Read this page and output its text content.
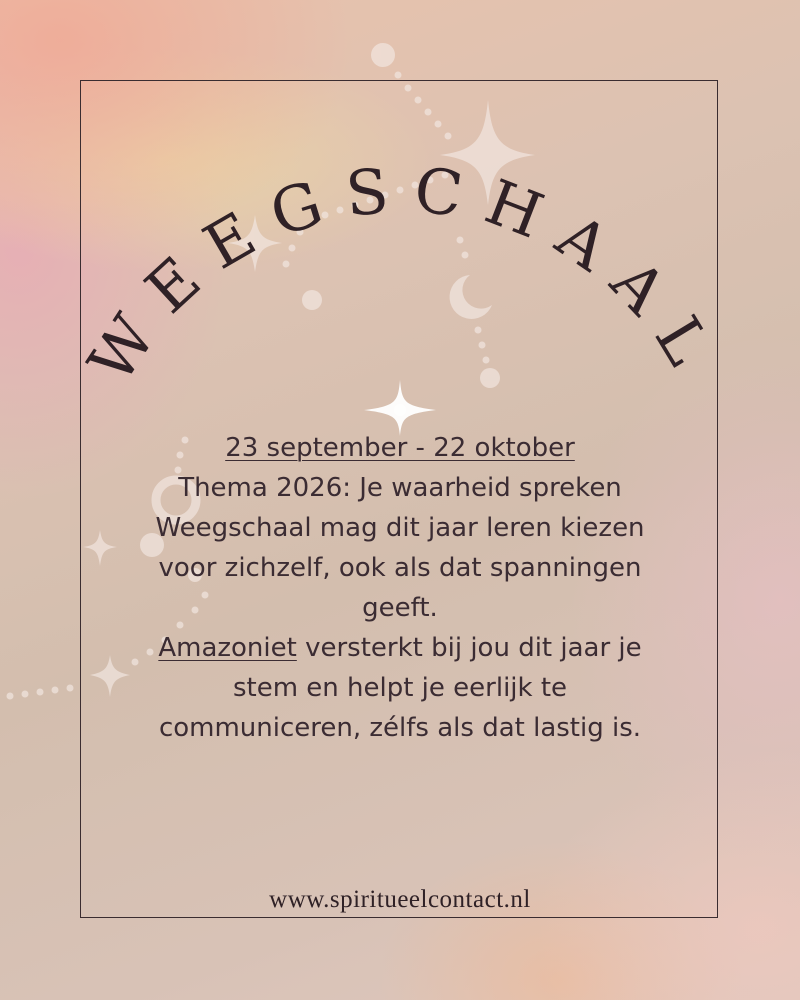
WEEGSCHAAL

23 september - 22 oktober

Thema 2026: Je waarheid spreken

Weegschaal mag dit jaar leren kiezen voor zichzelf, ook als dat spanningen geeft.

Amazoniet versterkt bij jou dit jaar je stem en helpt je eerlijk te communiceren, zélfs als dat lastig is.

www.spiritueelcontact.nl
